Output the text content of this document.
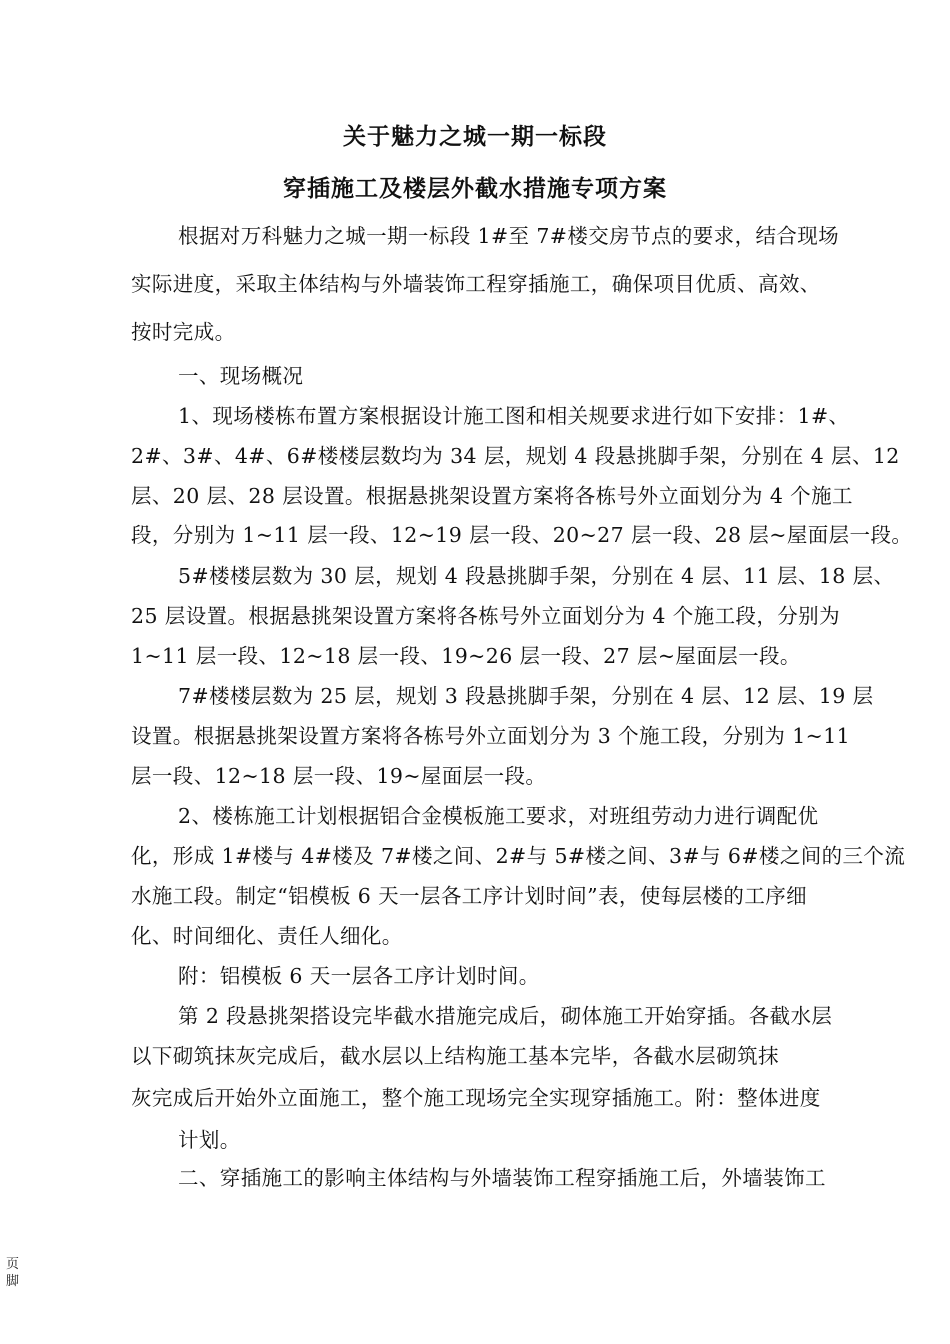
关于魅力之城一期一标段
穿插施工及楼层外截水措施专项方案
根据对万科魅力之城一期一标段 1#至 7#楼交房节点的要求，结合现场
实际进度，采取主体结构与外墙装饰工程穿插施工，确保项目优质、高效、
按时完成。
一、现场概况
1、现场楼栋布置方案根据设计施工图和相关规要求进行如下安排：1#、
2#、3#、4#、6#楼楼层数均为 34 层，规划 4 段悬挑脚手架，分别在 4 层、12
层、20 层、28 层设置。根据悬挑架设置方案将各栋号外立面划分为 4 个施工
段，分别为 1~11 层一段、12~19 层一段、20~27 层一段、28 层~屋面层一段。
5#楼楼层数为 30 层，规划 4 段悬挑脚手架，分别在 4 层、11 层、18 层、
25 层设置。根据悬挑架设置方案将各栋号外立面划分为 4 个施工段，分别为
1~11 层一段、12~18 层一段、19~26 层一段、27 层~屋面层一段。
7#楼楼层数为 25 层，规划 3 段悬挑脚手架，分别在 4 层、12 层、19 层
设置。根据悬挑架设置方案将各栋号外立面划分为 3 个施工段，分别为 1~11
层一段、12~18 层一段、19~屋面层一段。
2、楼栋施工计划根据铝合金模板施工要求，对班组劳动力进行调配优
化，形成 1#楼与 4#楼及 7#楼之间、2#与 5#楼之间、3#与 6#楼之间的三个流
水施工段。制定“铝模板 6 天一层各工序计划时间”表，使每层楼的工序细
化、时间细化、责任人细化。
附：铝模板 6 天一层各工序计划时间。
第 2 段悬挑架搭设完毕截水措施完成后，砌体施工开始穿插。各截水层
以下砌筑抹灰完成后，截水层以上结构施工基本完毕，各截水层砌筑抹
灰完成后开始外立面施工，整个施工现场完全实现穿插施工。附：整体进度
计划。
二、穿插施工的影响主体结构与外墙装饰工程穿插施工后，外墙装饰工
页
脚
